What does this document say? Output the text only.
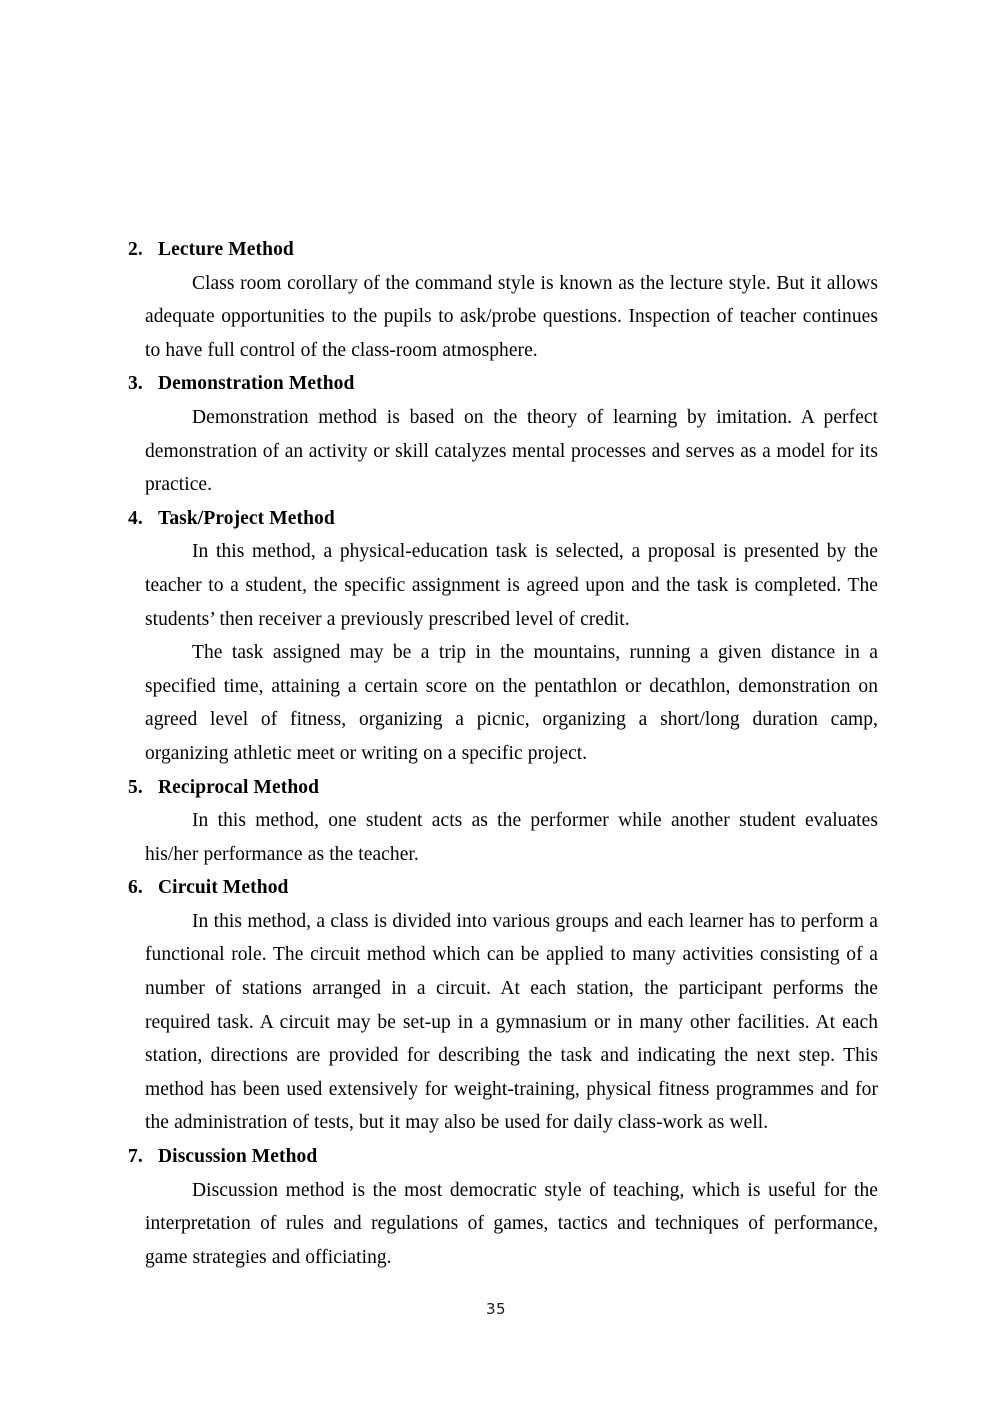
2. Lecture Method

Class room corollary of the command style is known as the lecture style. But it allows adequate opportunities to the pupils to ask/probe questions. Inspection of teacher continues to have full control of the class-room atmosphere.

3. Demonstration Method

Demonstration method is based on the theory of learning by imitation. A perfect demonstration of an activity or skill catalyzes mental processes and serves as a model for its practice.

4. Task/Project Method

In this method, a physical-education task is selected, a proposal is presented by the teacher to a student, the specific assignment is agreed upon and the task is completed. The students’ then receiver a previously prescribed level of credit.

The task assigned may be a trip in the mountains, running a given distance in a specified time, attaining a certain score on the pentathlon or decathlon, demonstration on agreed level of fitness, organizing a picnic, organizing a short/long duration camp, organizing athletic meet or writing on a specific project.

5. Reciprocal Method

In this method, one student acts as the performer while another student evaluates his/her performance as the teacher.

6. Circuit Method

In this method, a class is divided into various groups and each learner has to perform a functional role. The circuit method which can be applied to many activities consisting of a number of stations arranged in a circuit. At each station, the participant performs the required task. A circuit may be set-up in a gymnasium or in many other facilities. At each station, directions are provided for describing the task and indicating the next step. This method has been used extensively for weight-training, physical fitness programmes and for the administration of tests, but it may also be used for daily class-work as well.

7. Discussion Method

Discussion method is the most democratic style of teaching, which is useful for the interpretation of rules and regulations of games, tactics and techniques of performance, game strategies and officiating.

35
